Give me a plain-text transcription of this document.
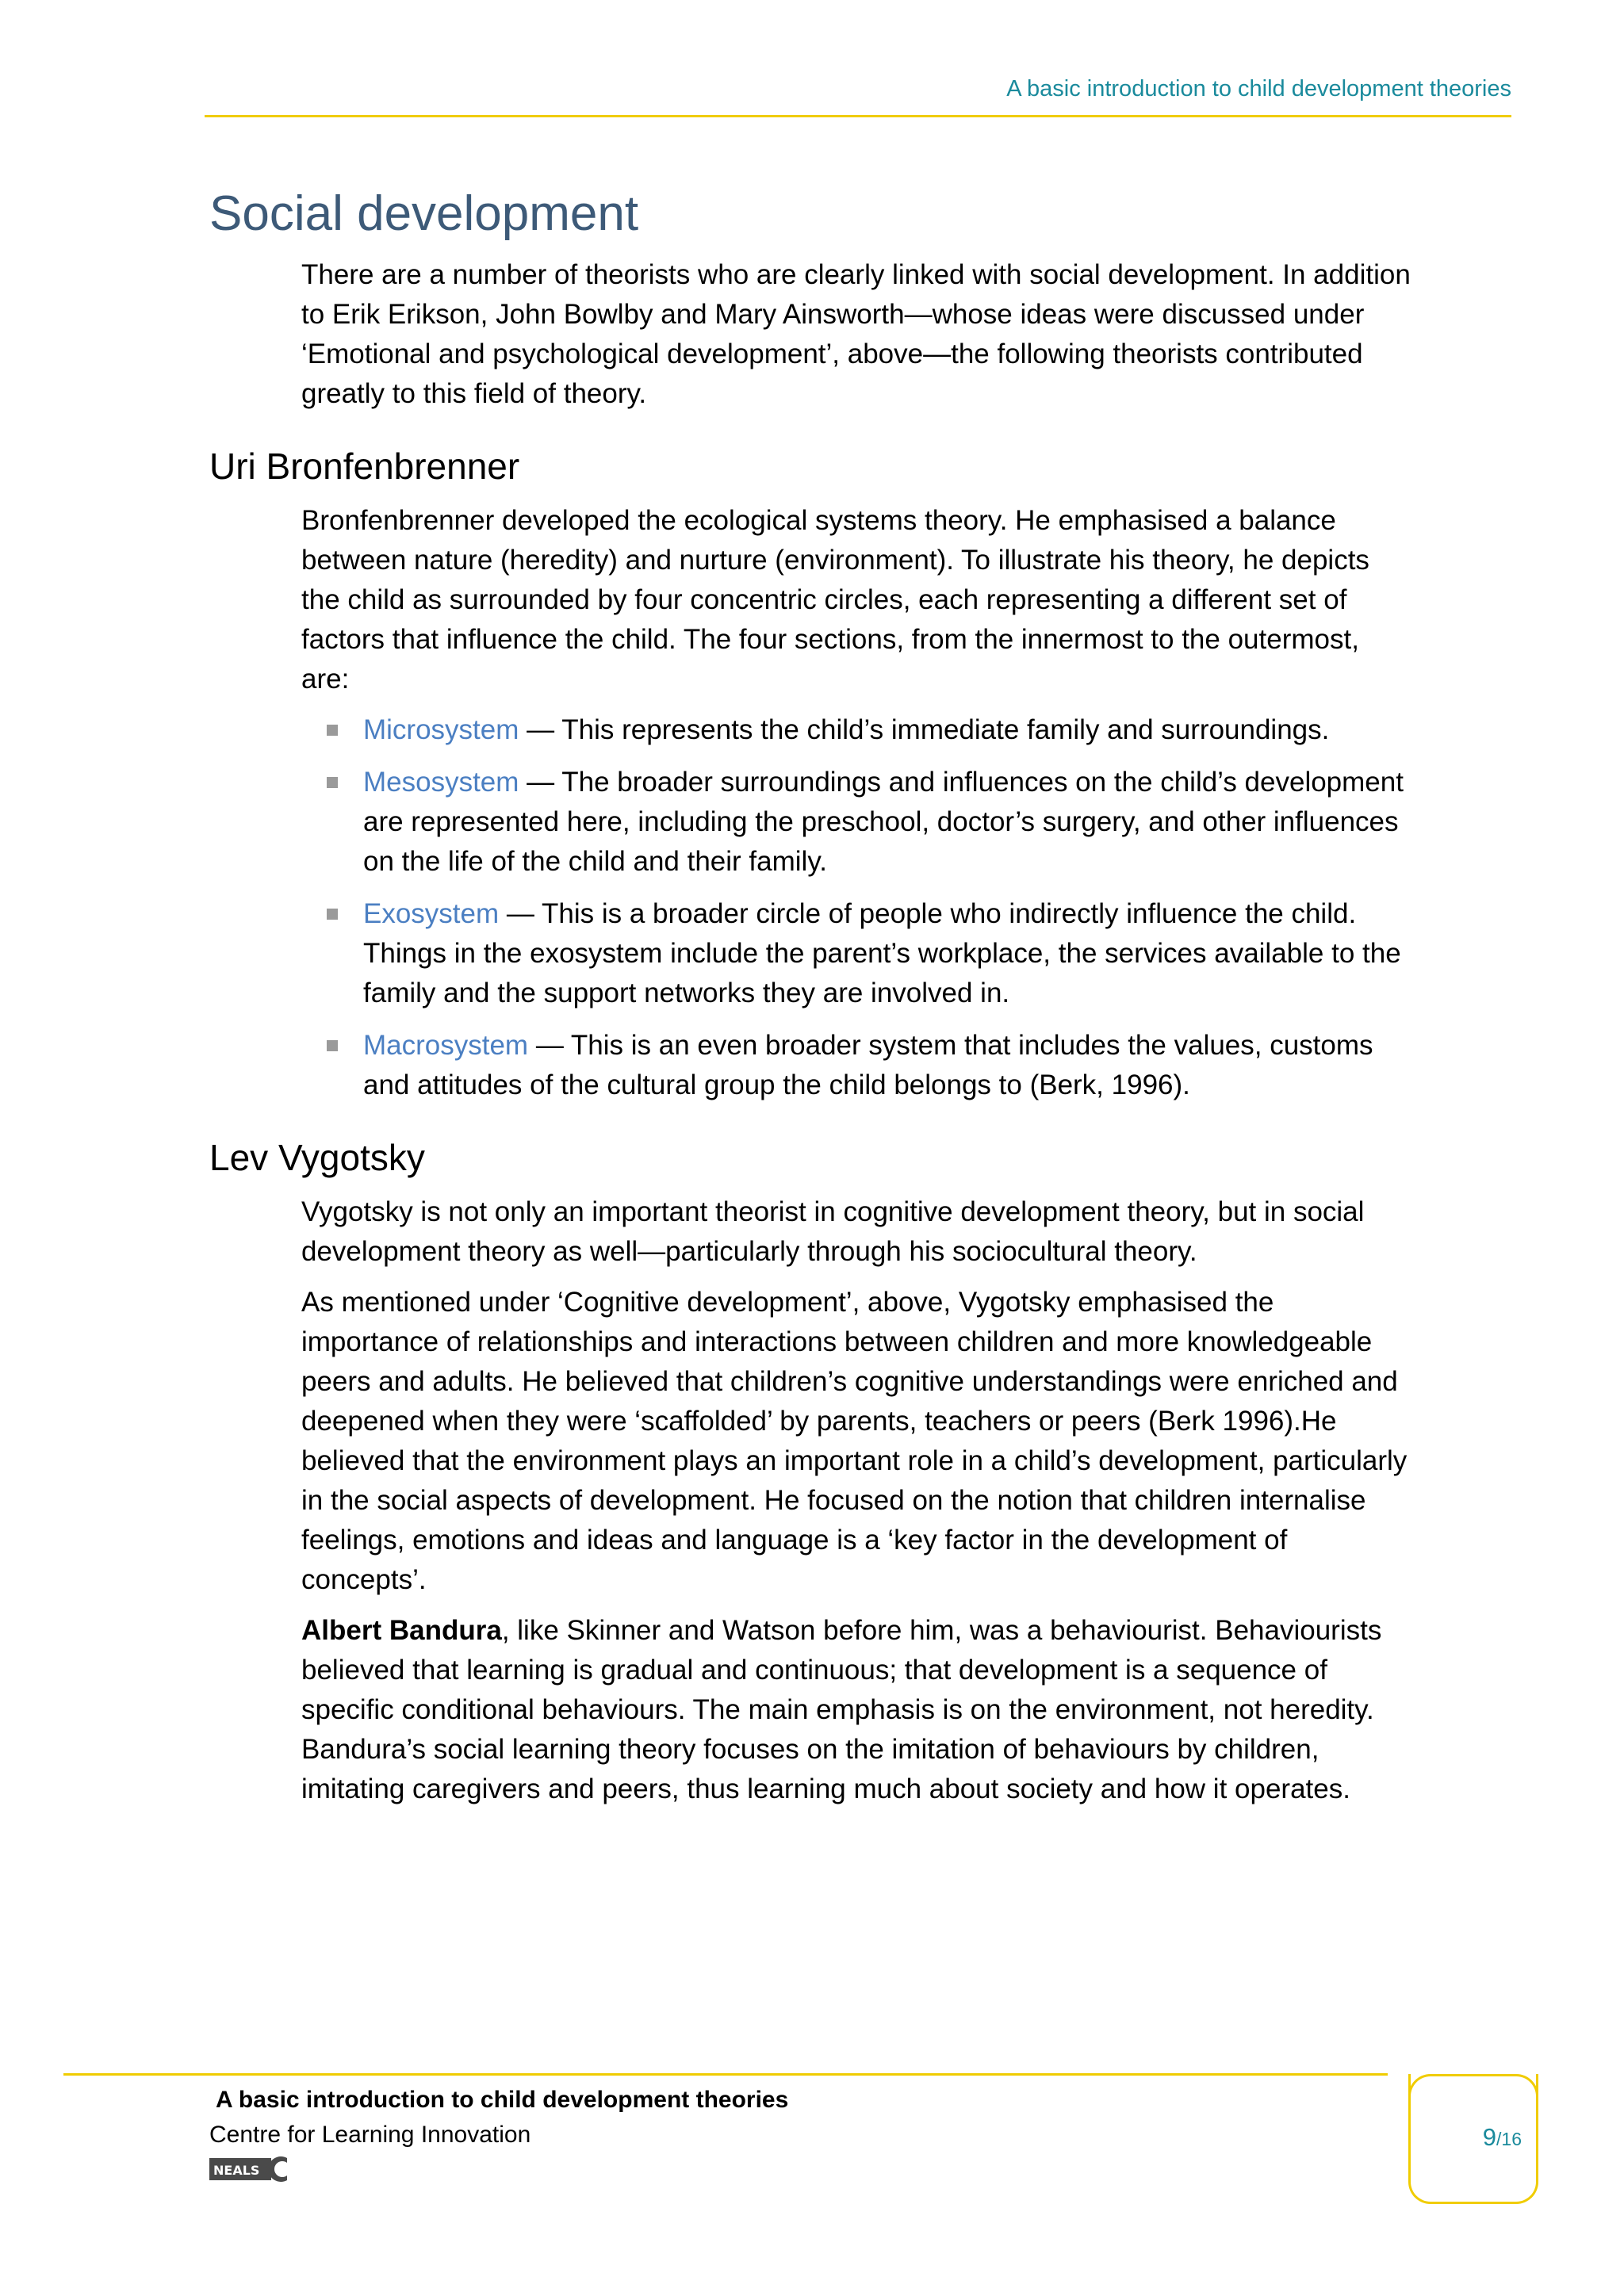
A basic introduction to child development theories
Social development

There are a number of theorists who are clearly linked with social development. In addition to Erik Erikson, John Bowlby and Mary Ainsworth—whose ideas were discussed under ‘Emotional and psychological development’, above—the following theorists contributed greatly to this field of theory.

Uri Bronfenbrenner

Bronfenbrenner developed the ecological systems theory. He emphasised a balance between nature (heredity) and nurture (environment). To illustrate his theory, he depicts the child as surrounded by four concentric circles, each representing a different set of factors that influence the child. The four sections, from the innermost to the outermost, are:

Microsystem — This represents the child’s immediate family and surroundings.
Mesosystem — The broader surroundings and influences on the child’s development are represented here, including the preschool, doctor’s surgery, and other influences on the life of the child and their family.
Exosystem — This is a broader circle of people who indirectly influence the child. Things in the exosystem include the parent’s workplace, the services available to the family and the support networks they are involved in.
Macrosystem — This is an even broader system that includes the values, customs and attitudes of the cultural group the child belongs to (Berk, 1996).
Lev Vygotsky

Vygotsky is not only an important theorist in cognitive development theory, but in social development theory as well—particularly through his sociocultural theory.

As mentioned under ‘Cognitive development’, above, Vygotsky emphasised the importance of relationships and interactions between children and more knowledgeable peers and adults. He believed that children’s cognitive understandings were enriched and deepened when they were ‘scaffolded’ by parents, teachers or peers (Berk 1996).He believed that the environment plays an important role in a child’s development, particularly in the social aspects of development. He focused on the notion that children internalise feelings, emotions and ideas and language is a ‘key factor in the development of concepts’.

Albert Bandura, like Skinner and Watson before him, was a behaviourist. Behaviourists believed that learning is gradual and continuous; that development is a sequence of specific conditional behaviours. The main emphasis is on the environment, not heredity. Bandura’s social learning theory focuses on the imitation of behaviours by children, imitating caregivers and peers, thus learning much about society and how it operates.

A basic introduction to child development theories
Centre for Learning Innovation
NEALS
9/16
